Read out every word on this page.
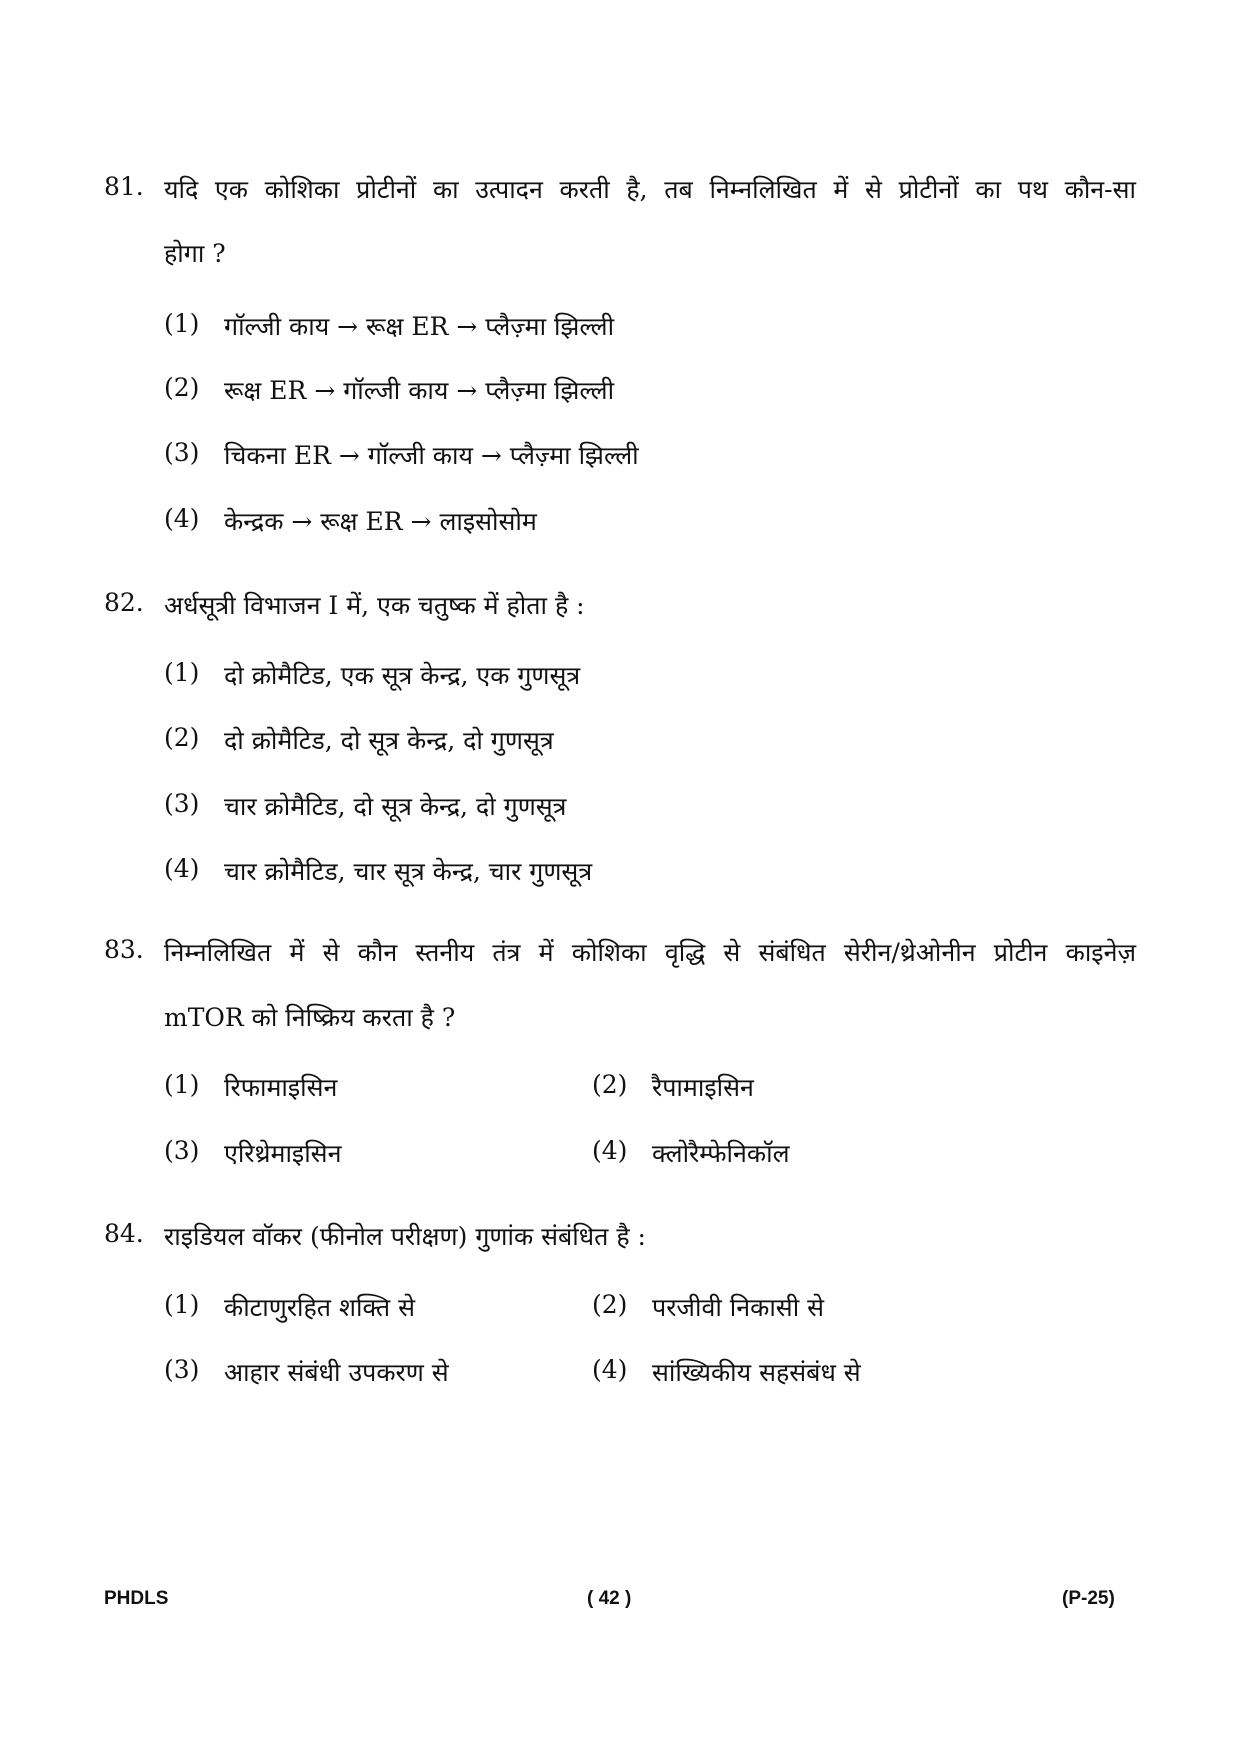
81. यदि एक कोशिका प्रोटीनों का उत्पादन करती है, तब निम्नलिखित में से प्रोटीनों का पथ कौन-सा
होगा ?
(1) गॉल्जी काय → रूक्ष ER → प्लैज़्मा झिल्ली
(2) रूक्ष ER → गॉल्जी काय → प्लैज़्मा झिल्ली
(3) चिकना ER → गॉल्जी काय → प्लैज़्मा झिल्ली
(4) केन्द्रक → रूक्ष ER → लाइसोसोम
82. अर्धसूत्री विभाजन I में, एक चतुष्क में होता है :
(1) दो क्रोमैटिड, एक सूत्र केन्द्र, एक गुणसूत्र
(2) दो क्रोमैटिड, दो सूत्र केन्द्र, दो गुणसूत्र
(3) चार क्रोमैटिड, दो सूत्र केन्द्र, दो गुणसूत्र
(4) चार क्रोमैटिड, चार सूत्र केन्द्र, चार गुणसूत्र
83. निम्नलिखित में से कौन स्तनीय तंत्र में कोशिका वृद्धि से संबंधित सेरीन/थ्रेओनीन प्रोटीन काइनेज़
mTOR को निष्क्रिय करता है ?
(1) रिफामाइसिन	(2) रैपामाइसिन
(3) एरिथ्रेमाइसिन	(4) क्लोरैम्फेनिकॉल
84. राइडियल वॉकर (फीनोल परीक्षण) गुणांक संबंधित है :
(1) कीटाणुरहित शक्ति से	(2) परजीवी निकासी से
(3) आहार संबंधी उपकरण से	(4) सांख्यिकीय सहसंबंध से
PHDLS	( 42 )	(P-25)
